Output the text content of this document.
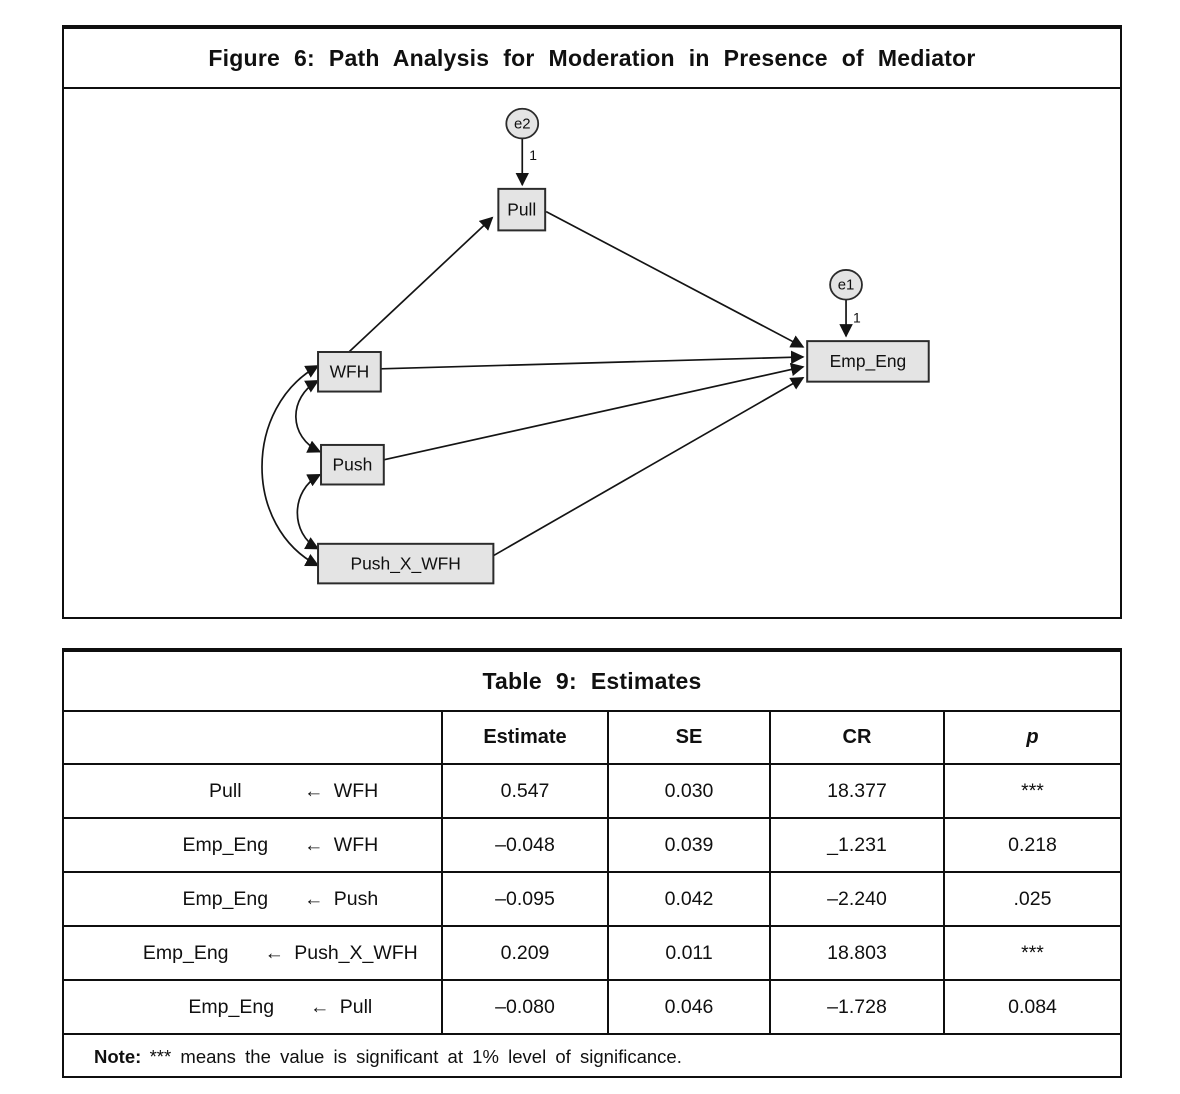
Figure 6: Path Analysis for Moderation in Presence of Mediator
1
1
e2
e1
Pull
Emp_Eng
WFH
Push
Push_X_WFH
Table 9: Estimates
	Estimate	SE	CR	p
Pull ← WFH	0.547	0.030	18.377	***
Emp_Eng ← WFH	–0.048	0.039	_1.231	0.218
Emp_Eng ← Push	–0.095	0.042	–2.240	.025
Emp_Eng ← Push_X_WFH	0.209	0.011	18.803	***
Emp_Eng ← Pull	–0.080	0.046	–1.728	0.084
Note: *** means the value is significant at 1% level of significance.
